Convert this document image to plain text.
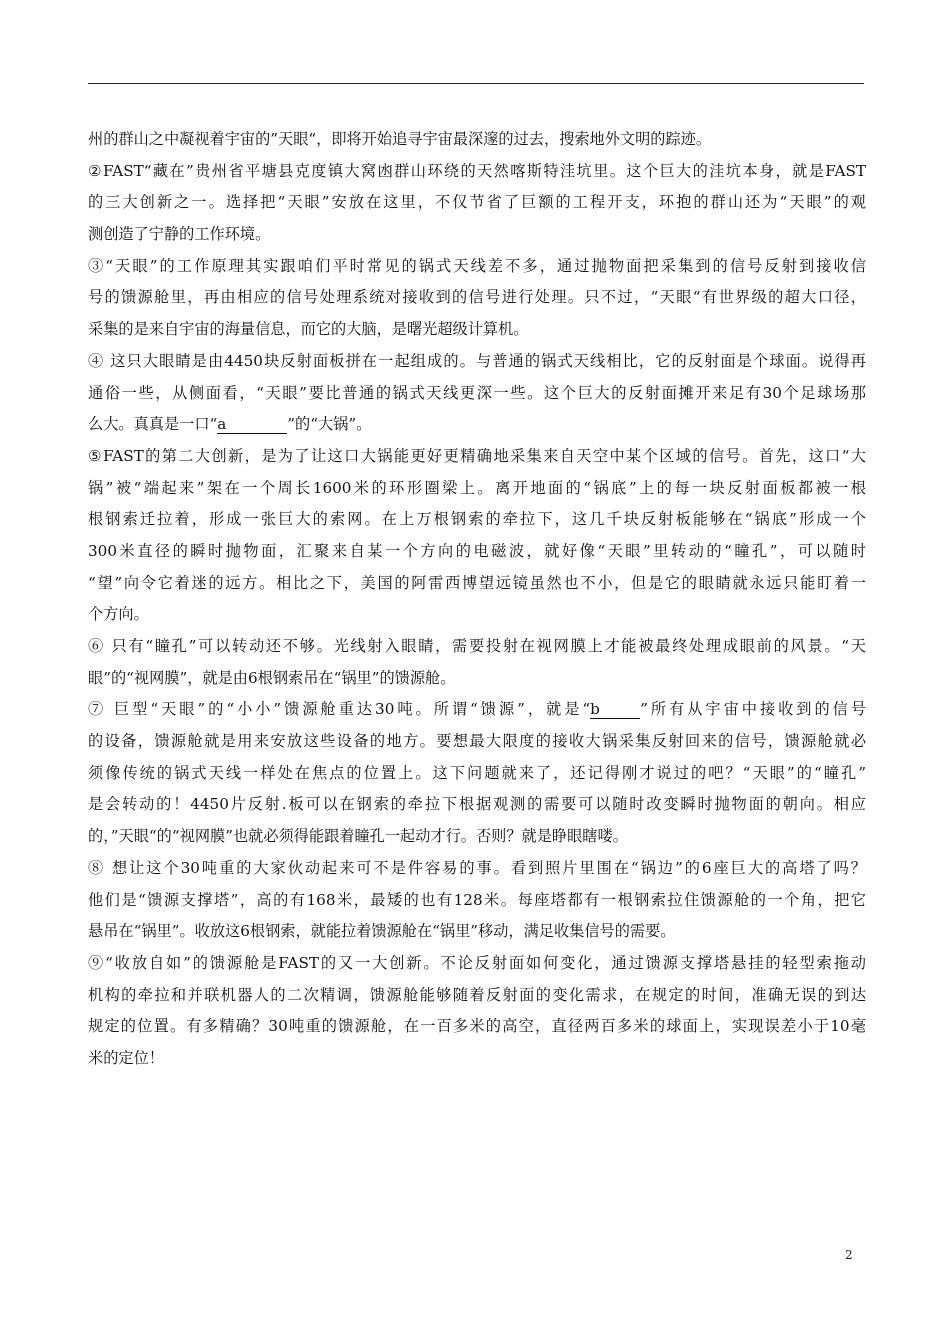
州的群山之中凝视着宇宙的”天眼“，即将开始追寻宇宙最深邃的过去，搜索地外文明的踪迹。
②FAST“藏在”贵州省平塘县克度镇大窝凼群山环绕的天然喀斯特洼坑里。这个巨大的洼坑本身，就是FAST
的三大创新之一。选择把“天眼”安放在这里，不仅节省了巨额的工程开支，环抱的群山还为“天眼”的观
测创造了宁静的工作环境。
③“天眼”的工作原理其实跟咱们平时常见的锅式天线差不多，通过抛物面把采集到的信号反射到接收信
号的馈源舱里，再由相应的信号处理系统对接收到的信号进行处理。只不过，“天眼“有世界级的超大口径，
采集的是来自宇宙的海量信息，而它的大脑，是曙光超级计算机。
④ 这只大眼睛是由4450块反射面板拼在一起组成的。与普通的锅式天线相比，它的反射面是个球面。说得再
通俗一些，从侧面看，“天眼”要比普通的锅式天线更深一些。这个巨大的反射面摊开来足有30个足球场那
么大。真真是一口“a	”的“大锅”。
⑤FAST的第二大创新，是为了让这口大锅能更好更精确地采集来自天空中某个区域的信号。首先，这口“大
锅”被“端起来”架在一个周长1600米的环形圈梁上。离开地面的“锅底”上的每一块反射面板都被一根
根钢索迁拉着，形成一张巨大的索网。在上万根钢索的牵拉下，这几千块反射板能够在“锅底”形成一个
300米直径的瞬时抛物面，汇聚来自某一个方向的电磁波，就好像“天眼”里转动的“瞳孔”，可以随时
“望”向令它着迷的远方。相比之下，美国的阿雷西博望远镜虽然也不小，但是它的眼睛就永远只能盯着一
个方向。
⑥ 只有“瞳孔”可以转动还不够。光线射入眼睛，需要投射在视网膜上才能被最终处理成眼前的风景。“天
眼”的“视网膜”，就是由6根钢索吊在“锅里”的馈源舱。
⑦ 巨型“天眼”的“小小”馈源舱重达30吨。所谓“馈源”，就是“b	”所有从宇宙中接收到的信号
的设备，馈源舱就是用来安放这些设备的地方。要想最大限度的接收大锅采集反射回来的信号，馈源舱就必
须像传统的锅式天线一样处在焦点的位置上。这下问题就来了，还记得刚才说过的吧？“天眼”的“瞳孔”
是会转动的！4450片反射.板可以在钢索的牵拉下根据观测的需要可以随时改变瞬时抛物面的朝向。相应
的，”天眼“的“视网膜”也就必须得能跟着瞳孔一起动才行。否则？就是睁眼瞎喽。
⑧ 想让这个30吨重的大家伙动起来可不是件容易的事。看到照片里围在“锅边”的6座巨大的高塔了吗？
他们是“馈源支撑塔”，高的有168米，最矮的也有128米。每座塔都有一根钢索拉住馈源舱的一个角，把它
悬吊在“锅里”。收放这6根钢索，就能拉着馈源舱在“锅里”移动，满足收集信号的需要。
⑨“收放自如”的馈源舱是FAST的又一大创新。不论反射面如何变化，通过馈源支撑塔悬挂的轻型索拖动
机构的牵拉和并联机器人的二次精调，馈源舱能够随着反射面的变化需求，在规定的时间，准确无误的到达
规定的位置。有多精确？30吨重的馈源舱，在一百多米的高空，直径两百多米的球面上，实现误差小于10毫
米的定位！
2
